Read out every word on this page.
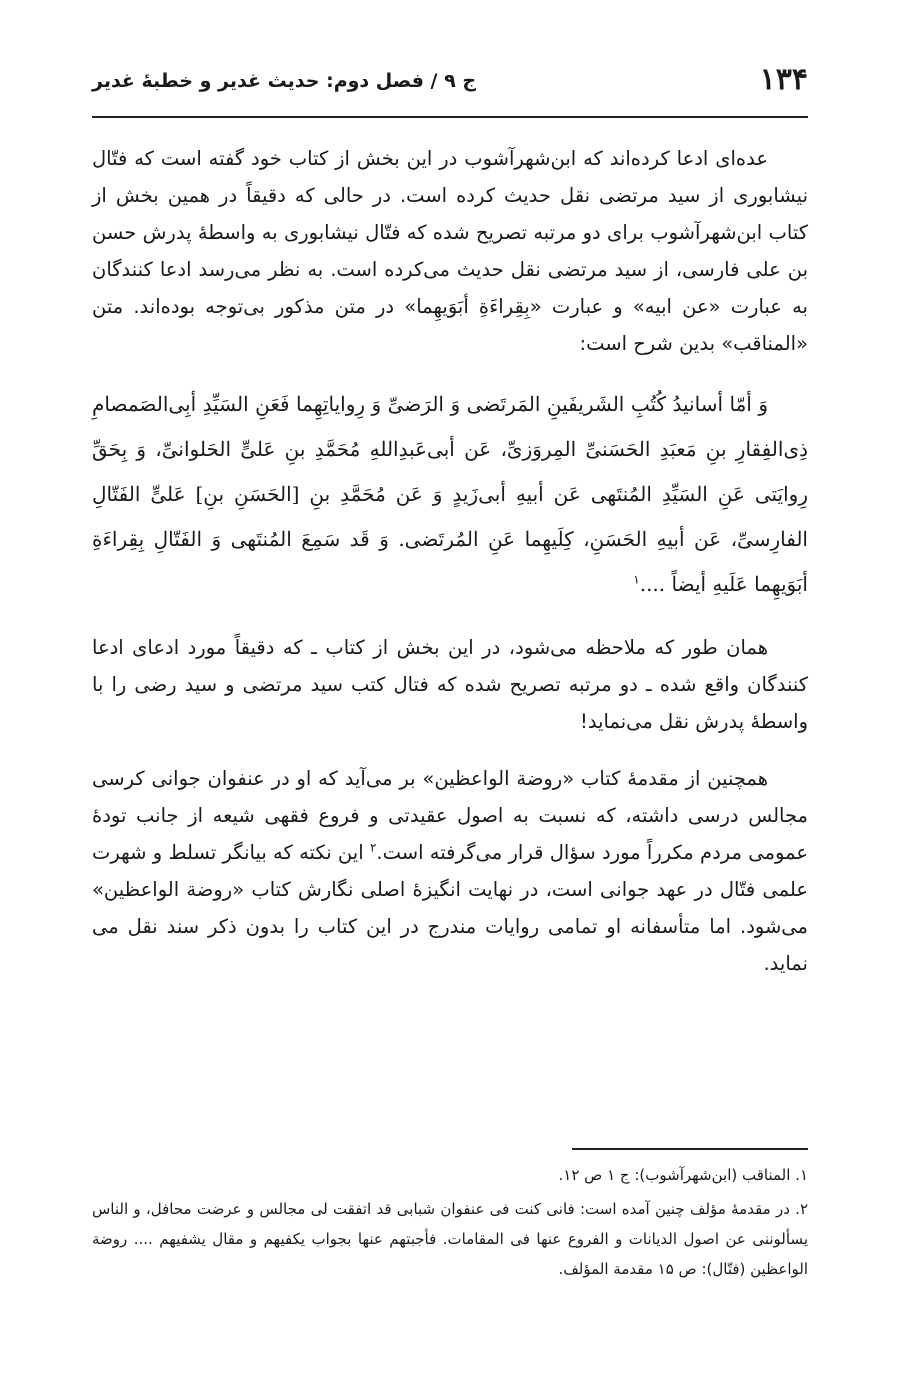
۱۳۴
ج ۹ / فصل دوم: حدیث غدیر و خطبهٔ غدیر

عده‌ای ادعا کرده‌اند که ابن‌شهرآشوب در این بخش از کتاب خود گفته است که فتّال نیشابوری از سید مرتضی نقل حدیث کرده است. در حالی که دقیقاً در همین بخش از کتاب ابن‌شهرآشوب برای دو مرتبه تصریح شده که فتّال نیشابوری به واسطهٔ پدرش حسن بن علی فارسی، از سید مرتضی نقل حدیث می‌کرده است. به نظر می‌رسد ادعا کنندگان به عبارت «عن ابیه» و عبارت «بِقِراءَةِ أبَوَیهِما» در متن مذکور بی‌توجه بوده‌اند. متن «المناقب» بدین شرح است:

وَ أمّا أسانیدُ کُتُبِ الشَریفَینِ المَرتَضی وَ الرَضیِّ وَ رِوایاتِهِما فَعَنِ السَیِّدِ أبِی‌الصَمصامِ ذِی‌الفِقارِ بنِ مَعبَدِ الحَسَنیِّ المِروَزیِّ، عَن أبی‌عَبدِاللهِ مُحَمَّدِ بنِ عَلیٍّ الحَلوانیِّ، وَ بِحَقِّ رِوایَتی عَنِ السَیِّدِ المُنتَهی عَن أبیهِ أبی‌زَیدٍ وَ عَن مُحَمَّدِ بنِ [الحَسَنِ بنِ] عَلیٍّ الفَتّالِ الفارِسیِّ، عَن أبیهِ الحَسَنِ، کِلَیهِما عَنِ المُرتَضی. وَ قَد سَمِعَ المُنتَهی وَ الفَتّالِ بِقِراءَةِ أبَوَیهِما عَلَیهِ أیضاً ....$^۱$

همان طور که ملاحظه می‌شود، در این بخش از کتاب ـ که دقیقاً مورد ادعای ادعا کنندگان واقع شده ـ دو مرتبه تصریح شده که فتال کتب سید مرتضی و سید رضی را با واسطهٔ پدرش نقل می‌نماید!

همچنین از مقدمهٔ کتاب «روضة الواعظین» بر می‌آید که او در عنفوان جوانی کرسی مجالس درسی داشته، که نسبت به اصول عقیدتی و فروع فقهی شیعه از جانب تودهٔ عمومی مردم مکرراً مورد سؤال قرار می‌گرفته است.$^۲$ این نکته که بیانگر تسلط و شهرت علمی فتّال در عهد جوانی است، در نهایت انگیزهٔ اصلی نگارش کتاب «روضة الواعظین» می‌شود. اما متأسفانه او تمامی روایات مندرج در این کتاب را بدون ذکر سند نقل می نماید.

۱. المناقب (ابن‌شهرآشوب): ج ۱ ص ۱۲.

۲. در مقدمهٔ مؤلف چنین آمده است: فانی کنت فی عنفوان شبابی قد اتفقت لی مجالس و عرضت محافل، و الناس یسألوننی عن اصول الدیانات و الفروع عنها فی المقامات. فأجبتهم عنها بجواب یکفیهم و مقال یشفیهم .... روضة الواعظین (فتّال): ص ۱۵ مقدمة المؤلف.
